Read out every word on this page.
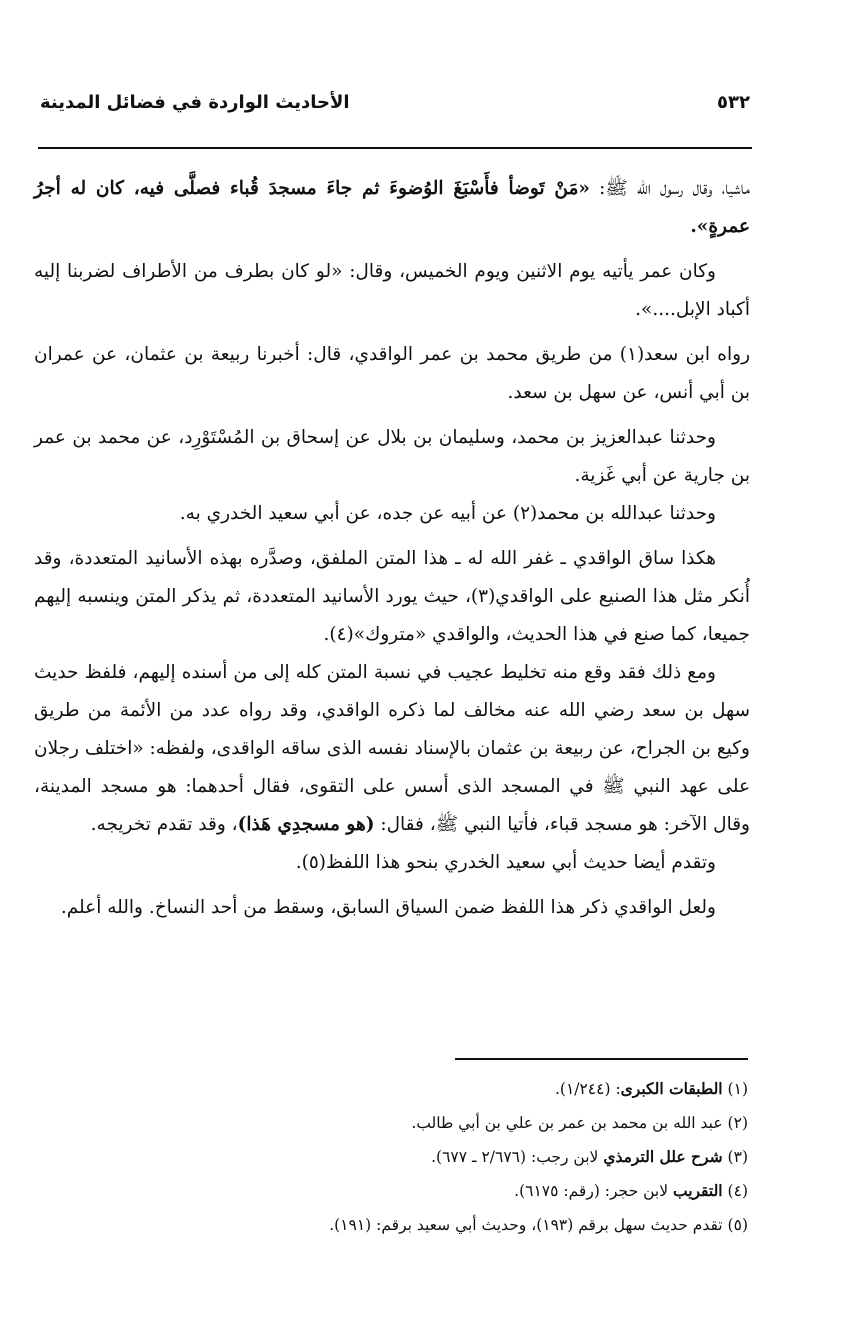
الأحاديث الواردة في فضائل المدينة	٥٣٢

ماشيا، وقال رسول الله ﷺ: «مَنْ تَوضأ فأَسْبَغَ الوُضوءَ ثم جاءَ مسجدَ قُباء فصلَّى فيه، كان له أجرُ عمرةٍ».

وكان عمر يأتيه يوم الاثنين ويوم الخميس، وقال: «لو كان بطرف من الأطراف لضربنا إليه أكباد الإبل....».

رواه ابن سعد(١) من طريق محمد بن عمر الواقدي، قال: أخبرنا ربيعة بن عثمان، عن عمران بن أبي أنس، عن سهل بن سعد.

وحدثنا عبدالعزيز بن محمد، وسليمان بن بلال عن إسحاق بن المُسْتَوْرِد، عن محمد بن عمر بن جارية عن أبي غَزية.

وحدثنا عبدالله بن محمد(٢) عن أبيه عن جده، عن أبي سعيد الخدري به.

هكذا ساق الواقدي ـ غفر الله له ـ هذا المتن الملفق، وصدَّره بهذه الأسانيد المتعددة، وقد أُنكر مثل هذا الصنيع على الواقدي(٣)، حيث يورد الأسانيد المتعددة، ثم يذكر المتن وينسبه إليهم جميعا، كما صنع في هذا الحديث، والواقدي «متروك»(٤).

ومع ذلك فقد وقع منه تخليط عجيب في نسبة المتن كله إلى من أسنده إليهم، فلفظ حديث سهل بن سعد رضي الله عنه مخالف لما ذكره الواقدي، وقد رواه عدد من الأئمة من طريق وكيع بن الجراح، عن ربيعة بن عثمان بالإسناد نفسه الذى ساقه الواقدى، ولفظه: «اختلف رجلان على عهد النبي ﷺ في المسجد الذى أسس على التقوى، فقال أحدهما: هو مسجد المدينة، وقال الآخر: هو مسجد قباء، فأتيا النبي ﷺ، فقال: (هو مسجدِي هَذا)، وقد تقدم تخريجه.

وتقدم أيضا حديث أبي سعيد الخدري بنحو هذا اللفظ(٥).

ولعل الواقدي ذكر هذا اللفظ ضمن السياق السابق، وسقط من أحد النساخ. والله أعلم.

(١) الطبقات الكبرى: (١/٢٤٤).

(٢) عبد الله بن محمد بن عمر بن علي بن أبي طالب.

(٣) شرح علل الترمذي لابن رجب: (٢/٦٧٦ ـ ٦٧٧).

(٤) التقريب لابن حجر: (رقم: ٦١٧٥).

(٥) تقدم حديث سهل برقم (١٩٣)، وحديث أبي سعيد برقم: (١٩١).
